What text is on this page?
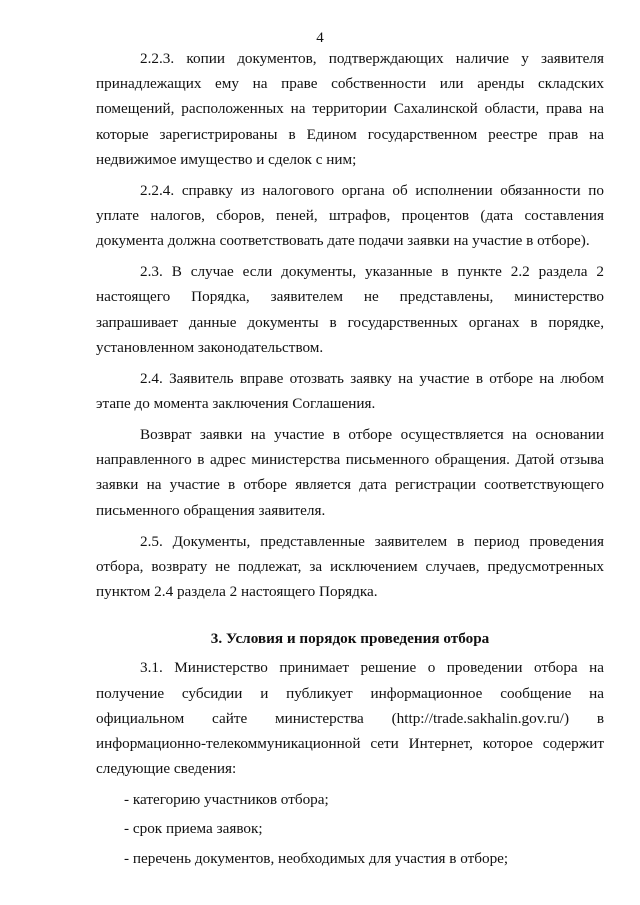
4

2.2.3. копии документов, подтверждающих наличие у заявителя принадлежащих ему на праве собственности или аренды складских помещений, расположенных на территории Сахалинской области, права на которые зарегистрированы в Едином государственном реестре прав на недвижимое имущество и сделок с ним;

2.2.4. справку из налогового органа об исполнении обязанности по уплате налогов, сборов, пеней, штрафов, процентов (дата составления документа должна соответствовать дате подачи заявки на участие в отборе).

2.3. В случае если документы, указанные в пункте 2.2 раздела 2 настоящего Порядка, заявителем не представлены, министерство запрашивает данные документы в государственных органах в порядке, установленном законодательством.

2.4. Заявитель вправе отозвать заявку на участие в отборе на любом этапе до момента заключения Соглашения.

Возврат заявки на участие в отборе осуществляется на основании направленного в адрес министерства письменного обращения. Датой отзыва заявки на участие в отборе является дата регистрации соответствующего письменного обращения заявителя.

2.5. Документы, представленные заявителем в период проведения отбора, возврату не подлежат, за исключением случаев, предусмотренных пунктом 2.4 раздела 2 настоящего Порядка.

3. Условия и порядок проведения отбора

3.1. Министерство принимает решение о проведении отбора на получение субсидии и публикует информационное сообщение на официальном сайте министерства (http://trade.sakhalin.gov.ru/) в информационно-телекоммуникационной сети Интернет, которое содержит следующие сведения:

- категорию участников отбора;
- срок приема заявок;
- перечень документов, необходимых для участия в отборе;
